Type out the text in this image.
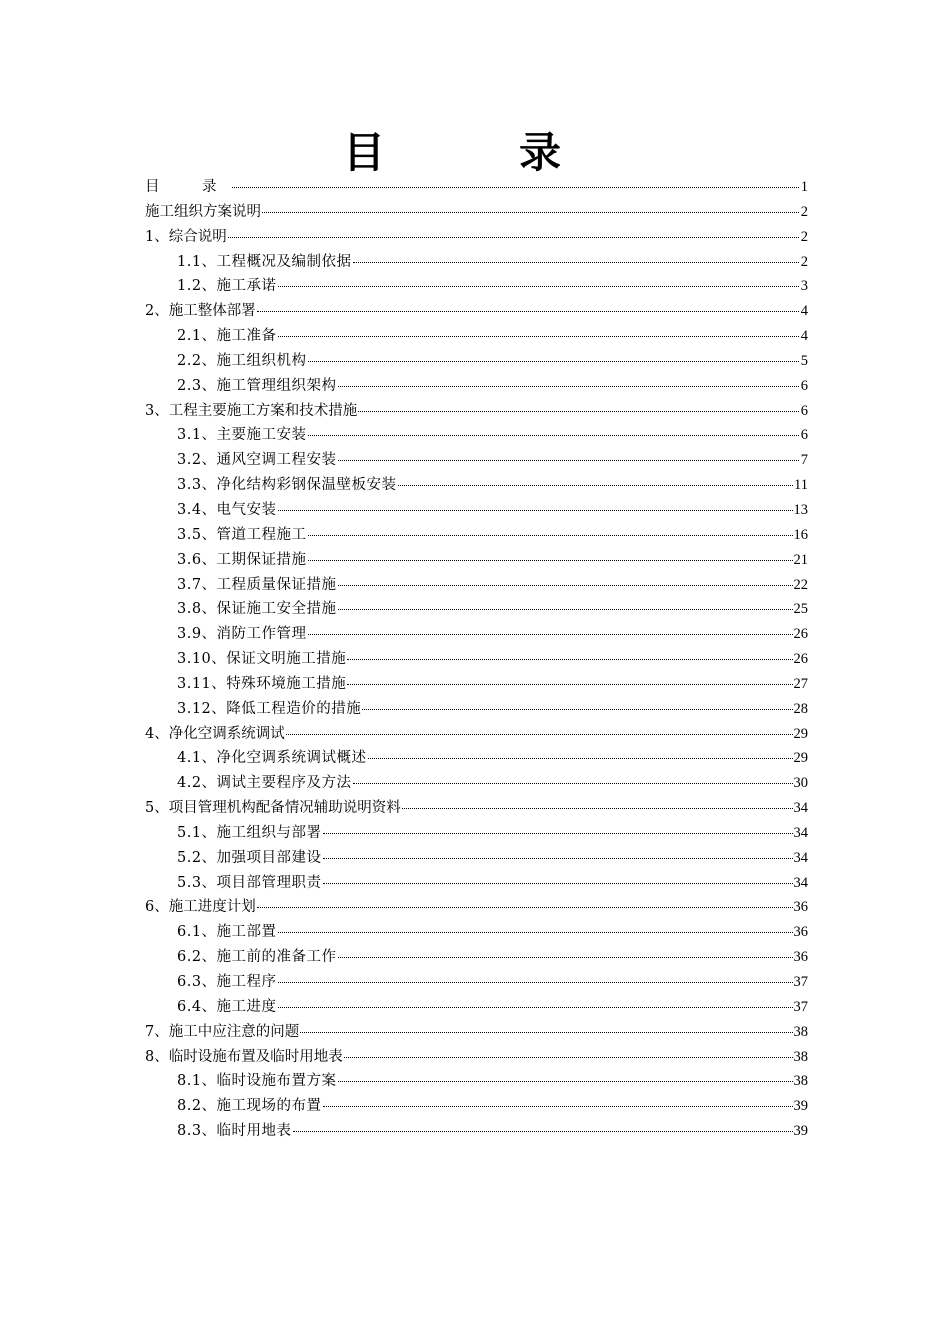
目　录
目　录	1
施工组织方案说明	2
1、综合说明	2
1.1、工程概况及编制依据	2
1.2、施工承诺	3
2、施工整体部署	4
2.1、施工准备	4
2.2、施工组织机构	5
2.3、施工管理组织架构	6
3、工程主要施工方案和技术措施	6
3.1、主要施工安装	6
3.2、通风空调工程安装	7
3.3、净化结构彩钢保温壁板安装	11
3.4、电气安装	13
3.5、管道工程施工	16
3.6、工期保证措施	21
3.7、工程质量保证措施	22
3.8、保证施工安全措施	25
3.9、消防工作管理	26
3.10、保证文明施工措施	26
3.11、特殊环境施工措施	27
3.12、降低工程造价的措施	28
4、净化空调系统调试	29
4.1、净化空调系统调试概述	29
4.2、调试主要程序及方法	30
5、项目管理机构配备情况辅助说明资料	34
5.1、施工组织与部署	34
5.2、加强项目部建设	34
5.3、项目部管理职责	34
6、施工进度计划	36
6.1、施工部置	36
6.2、施工前的准备工作	36
6.3、施工程序	37
6.4、施工进度	37
7、施工中应注意的问题	38
8、临时设施布置及临时用地表	38
8.1、临时设施布置方案	38
8.2、施工现场的布置	39
8.3、临时用地表	39
